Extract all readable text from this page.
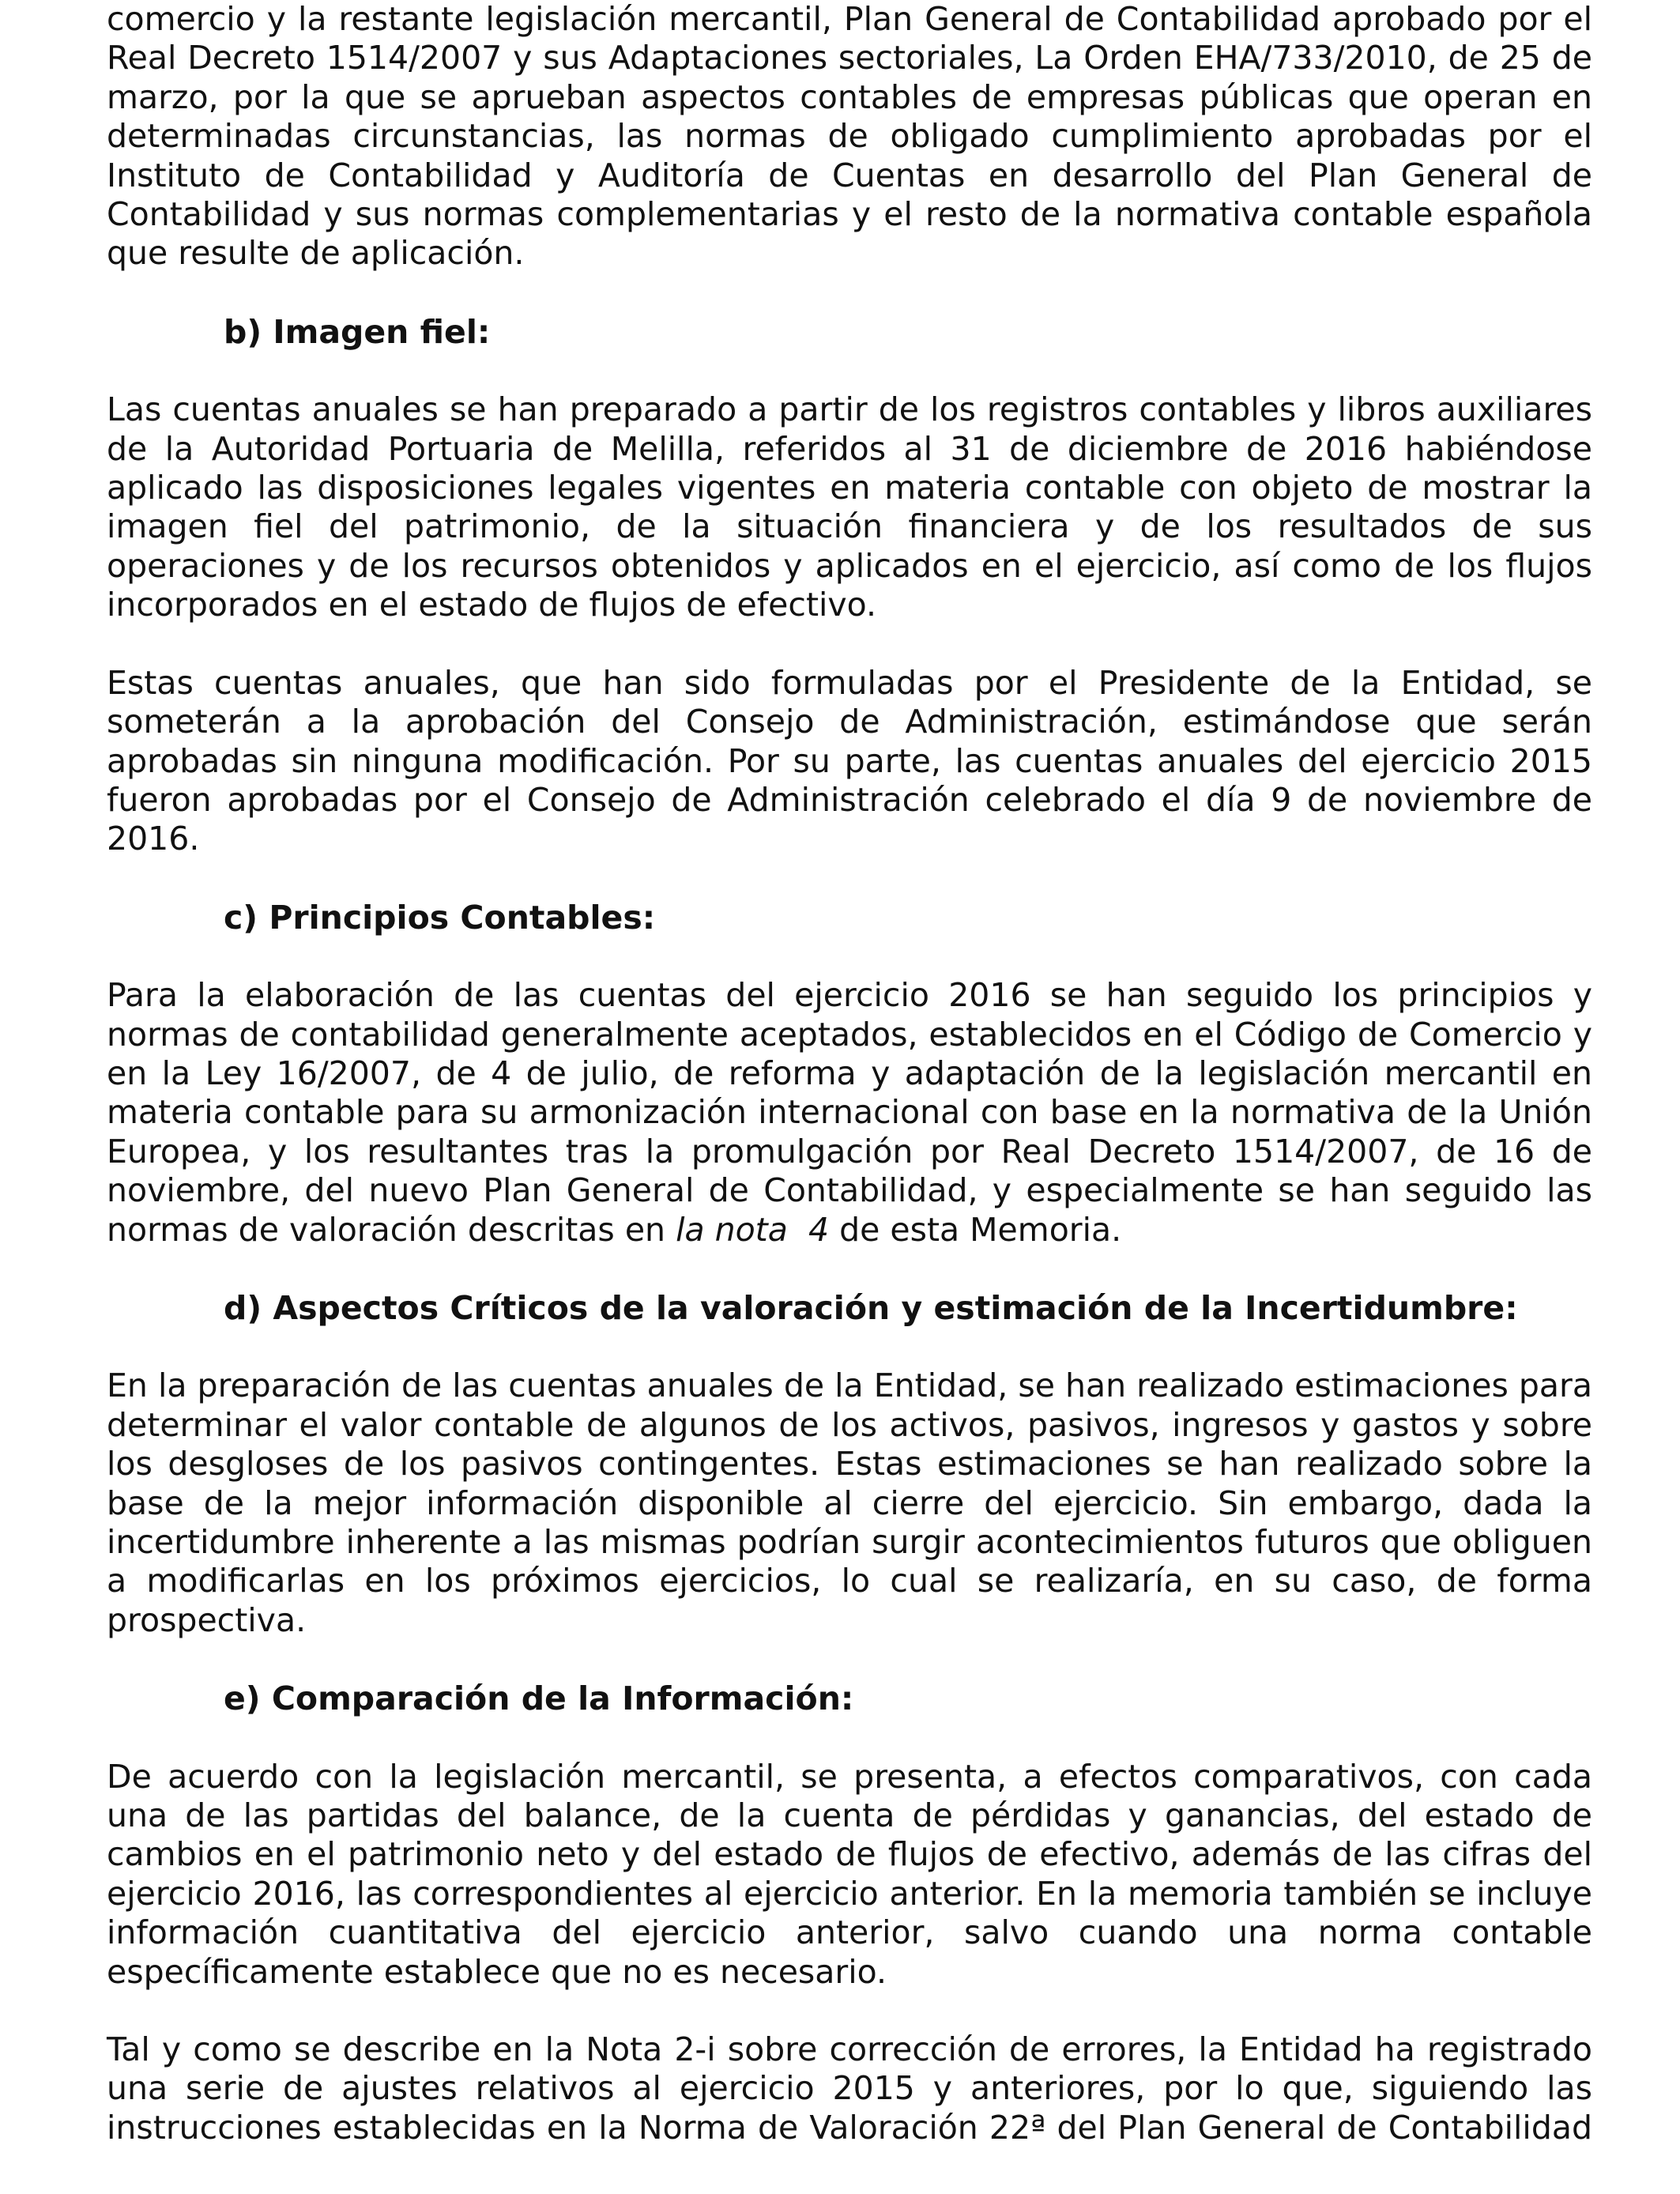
comercio y la restante legislación mercantil, Plan General de Contabilidad aprobado por el Real Decreto 1514/2007 y sus Adaptaciones sectoriales, La Orden EHA/733/2010, de 25 de marzo, por la que se aprueban aspectos contables de empresas públicas que operan en determinadas circunstancias, las normas de obligado cumplimiento aprobadas por el Instituto de Contabilidad y Auditoría de Cuentas en desarrollo del Plan General de Contabilidad y sus normas complementarias y el resto de la normativa contable española que resulte de aplicación.

b) Imagen fiel:

Las cuentas anuales se han preparado a partir de los registros contables y libros auxiliares de la Autoridad Portuaria de Melilla, referidos al 31 de diciembre de 2016 habiéndose aplicado las disposiciones legales vigentes en materia contable con objeto de mostrar la imagen fiel del patrimonio, de la situación financiera y de los resultados de sus operaciones y de los recursos obtenidos y aplicados en el ejercicio, así como de los flujos incorporados en el estado de flujos de efectivo.

Estas cuentas anuales, que han sido formuladas por el Presidente de la Entidad, se someterán a la aprobación del Consejo de Administración, estimándose que serán aprobadas sin ninguna modificación. Por su parte, las cuentas anuales del ejercicio 2015 fueron aprobadas por el Consejo de Administración celebrado el día 9 de noviembre de 2016.

c) Principios Contables:

Para la elaboración de las cuentas del ejercicio 2016 se han seguido los principios y normas de contabilidad generalmente aceptados, establecidos en el Código de Comercio y en la Ley 16/2007, de 4 de julio, de reforma y adaptación de la legislación mercantil en materia contable para su armonización internacional con base en la normativa de la Unión Europea, y los resultantes tras la promulgación por Real Decreto 1514/2007, de 16 de noviembre, del nuevo Plan General de Contabilidad, y especialmente se han seguido las normas de valoración descritas en la nota  4 de esta Memoria.

d) Aspectos Críticos de la valoración y estimación de la Incertidumbre:

En la preparación de las cuentas anuales de la Entidad, se han realizado estimaciones para determinar el valor contable de algunos de los activos, pasivos, ingresos y gastos y sobre los desgloses de los pasivos contingentes. Estas estimaciones se han realizado sobre la base de la mejor información disponible al cierre del ejercicio. Sin embargo, dada la incertidumbre inherente a las mismas podrían surgir acontecimientos futuros que obliguen a modificarlas en los próximos ejercicios, lo cual se realizaría, en su caso, de forma prospectiva.

e) Comparación de la Información:

De acuerdo con la legislación mercantil, se presenta, a efectos comparativos, con cada una de las partidas del balance, de la cuenta de pérdidas y ganancias, del estado de cambios en el patrimonio neto y del estado de flujos de efectivo, además de las cifras del ejercicio 2016, las correspondientes al ejercicio anterior. En la memoria también se incluye información cuantitativa del ejercicio anterior, salvo cuando una norma contable específicamente establece que no es necesario.

Tal y como se describe en la Nota 2-i sobre corrección de errores, la Entidad ha registrado una serie de ajustes relativos al ejercicio 2015 y anteriores, por lo que, siguiendo las instrucciones establecidas en la Norma de Valoración 22ª del Plan General de Contabilidad
